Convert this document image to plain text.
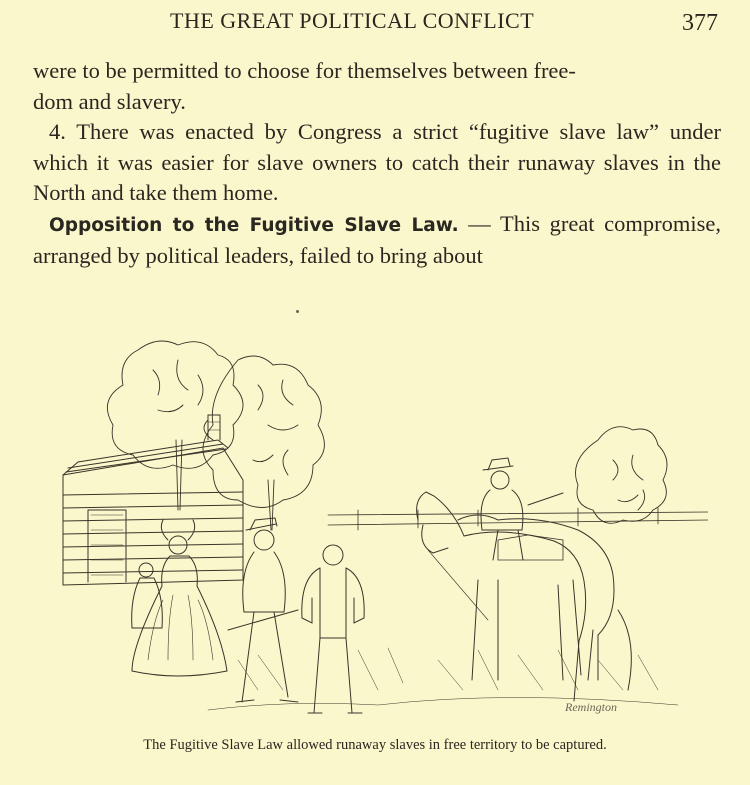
THE GREAT POLITICAL CONFLICT	377

were to be permitted to choose for themselves between free-
dom and slavery.

4. There was enacted by Congress a strict “fugitive slave law” under which it was easier for slave owners to catch their runaway slaves in the North and take them home.

Opposition to the Fugitive Slave Law. — This great compromise, arranged by political leaders, failed to bring about

Remington
The Fugitive Slave Law allowed runaway slaves in free territory to be captured.
